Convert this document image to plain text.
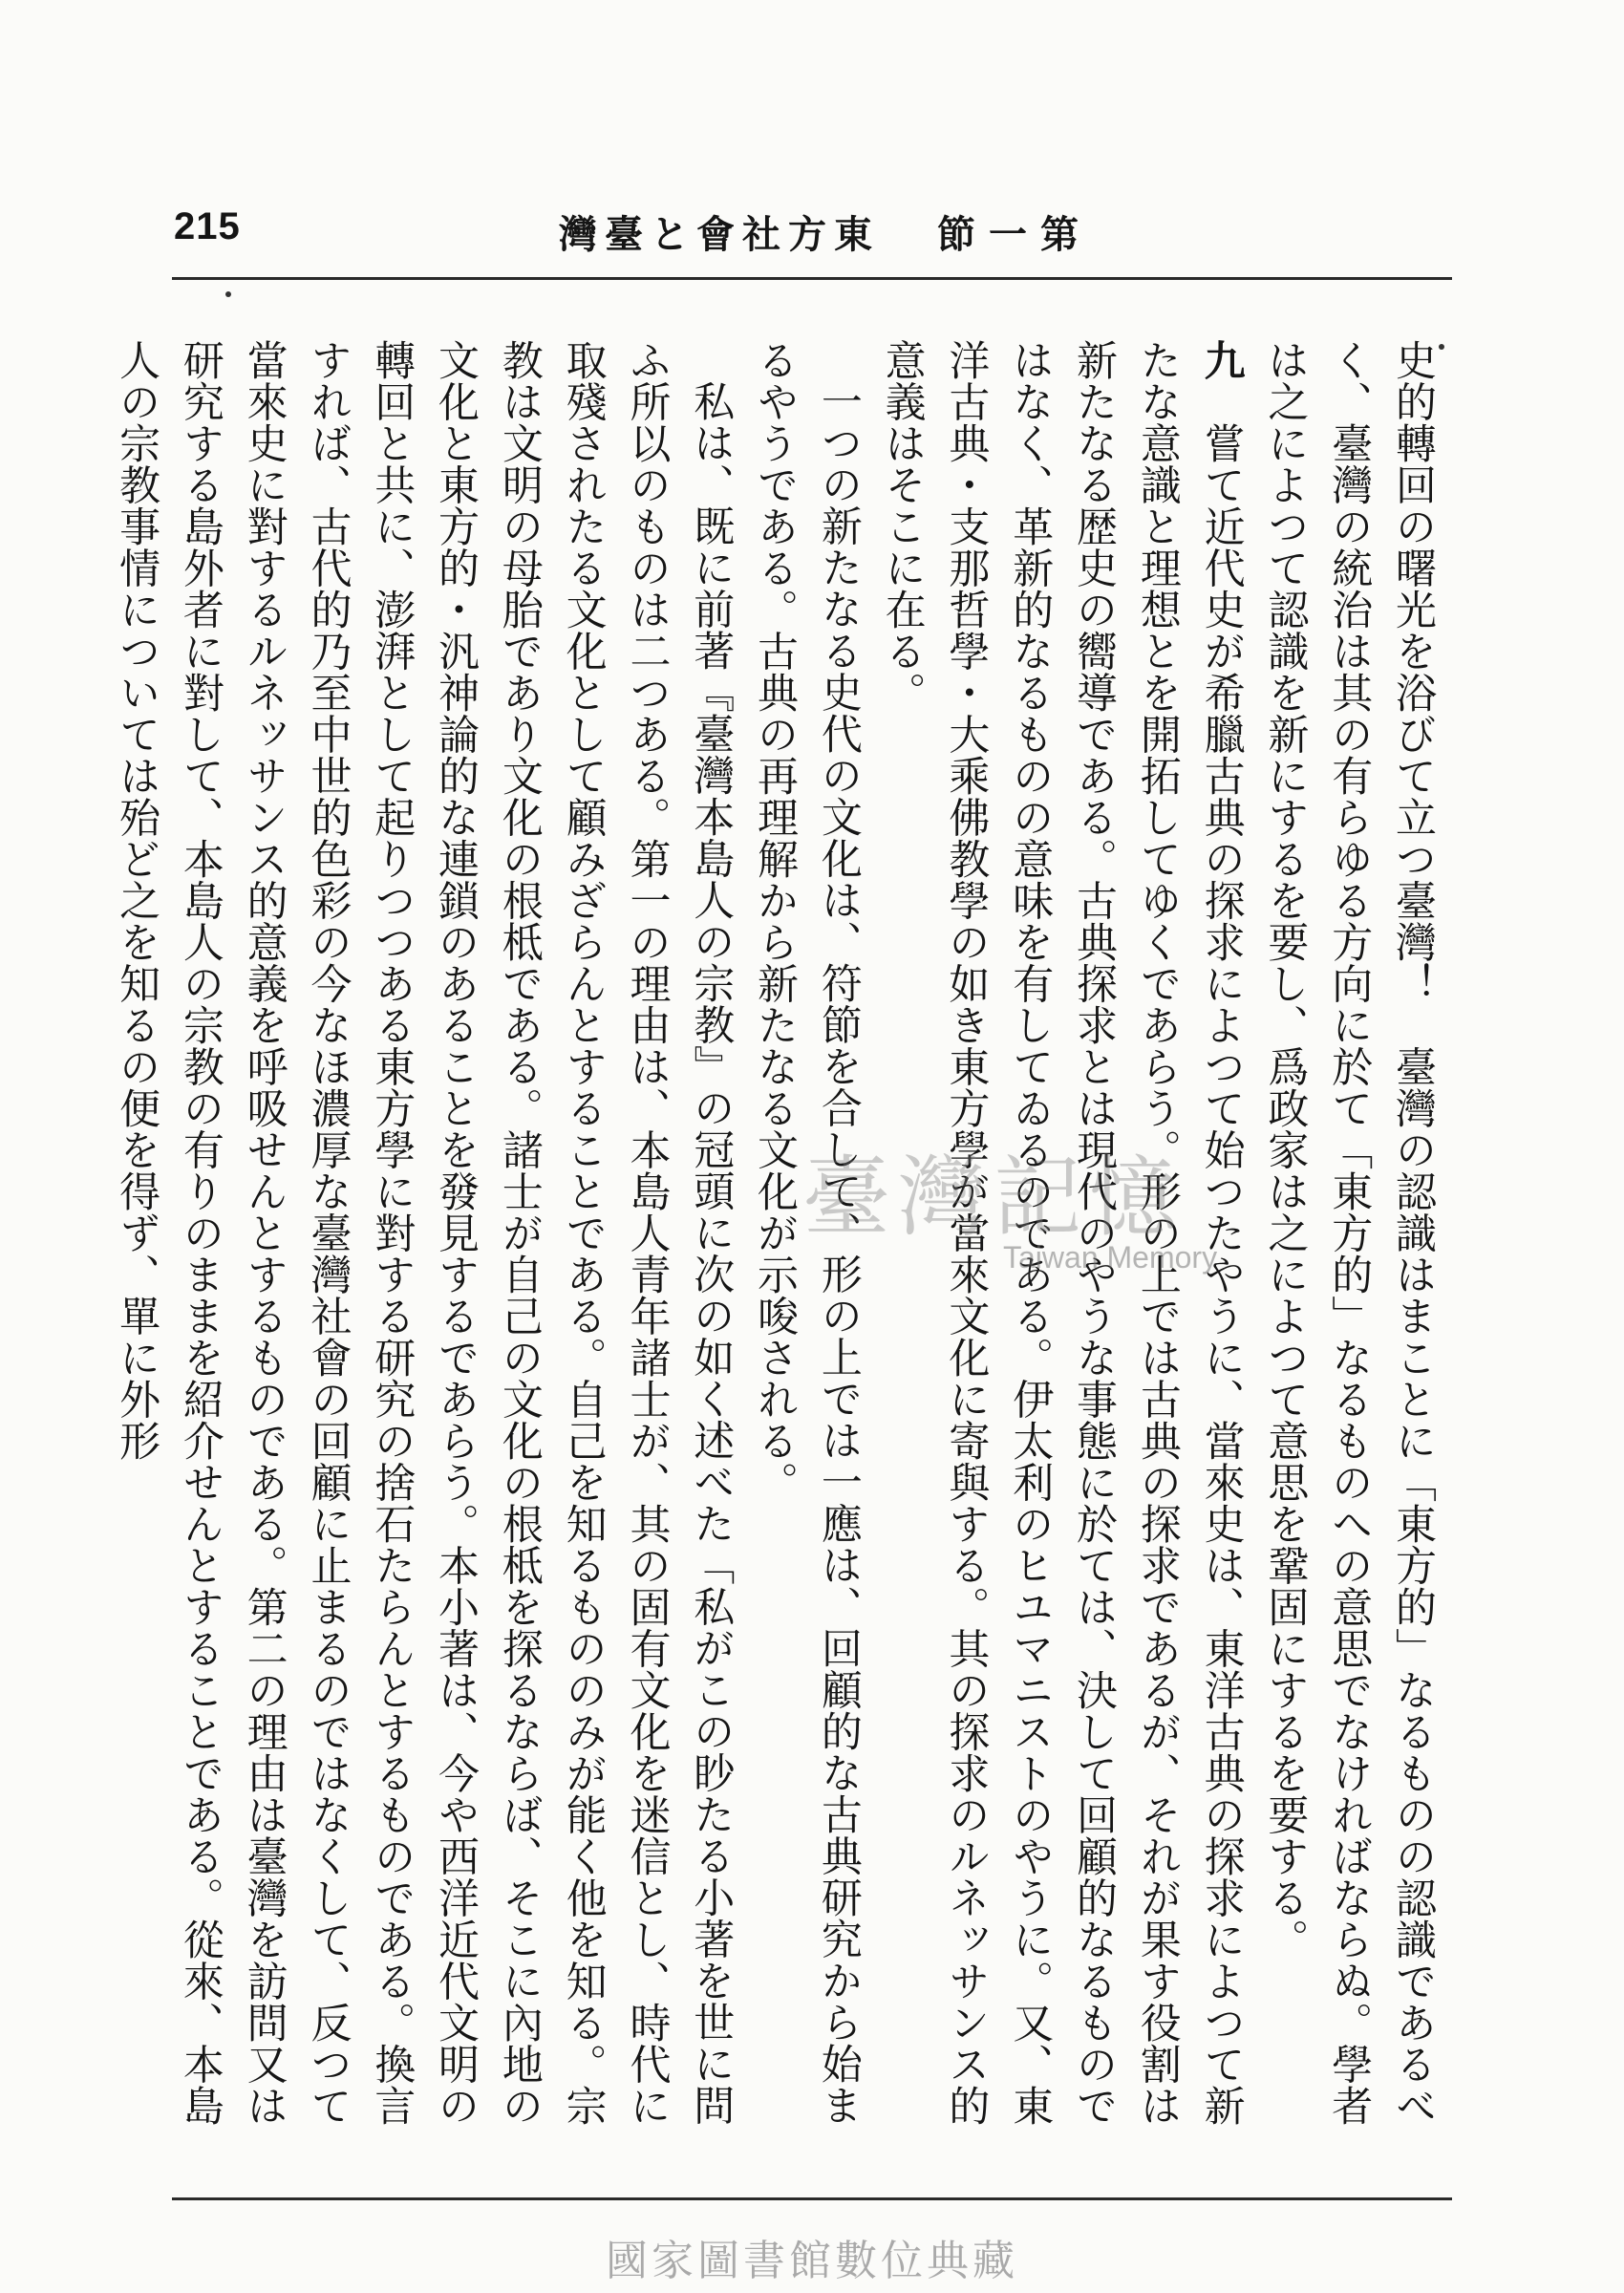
215	灣臺と會社方東 節一第

史的轉回の曙光を浴びて立つ臺灣！　臺灣の認識はまことに「東方的」なるものの認識であるべく、臺灣の統治は其の有らゆる方向に於て「東方的」なるものへの意思でなければならぬ。學者は之によつて認識を新にするを要し、爲政家は之によつて意思を鞏固にするを要する。

九　嘗て近代史が希臘古典の探求によつて始つたやうに、當來史は、東洋古典の探求によつて新たな意識と理想とを開拓してゆくであらう。形の上では古典の探求であるが、それが果す役割は新たなる歴史の嚮導である。古典探求とは現代のやうな事態に於ては、決して回顧的なるものではなく、革新的なるものの意味を有してゐるのである。伊太利のヒユマニストのやうに。又、東洋古典・支那哲學・大乘佛教學の如き東方學が當來文化に寄與する。其の探求のルネッサンス的意義はそこに在る。

一つの新たなる史代の文化は、符節を合して、形の上では一應は、回顧的な古典研究から始まるやうである。古典の再理解から新たなる文化が示唆される。

私は、既に前著『臺灣本島人の宗教』の冠頭に次の如く述べた「私がこの眇たる小著を世に問ふ所以のものは二つある。第一の理由は、本島人青年諸士が、其の固有文化を迷信とし、時代に取殘されたる文化として顧みざらんとすることである。自己を知るもののみが能く他を知る。宗教は文明の母胎であり文化の根柢である。諸士が自己の文化の根柢を探るならば、そこに內地の文化と東方的・汎神論的な連鎖のあることを發見するであらう。本小著は、今や西洋近代文明の轉回と共に、澎湃として起りつつある東方學に對する研究の捨石たらんとするものである。換言すれば、古代的乃至中世的色彩の今なほ濃厚な臺灣社會の回顧に止まるのではなくして、反つて當來史に對するルネッサンス的意義を呼吸せんとするものである。第二の理由は臺灣を訪問又は研究する島外者に對して、本島人の宗教の有りのままを紹介せんとすることである。從來、本島人の宗教事情については殆ど之を知るの便を得ず、單に外形	臺灣記憶
Taiwan Memory
國家圖書館數位典藏
